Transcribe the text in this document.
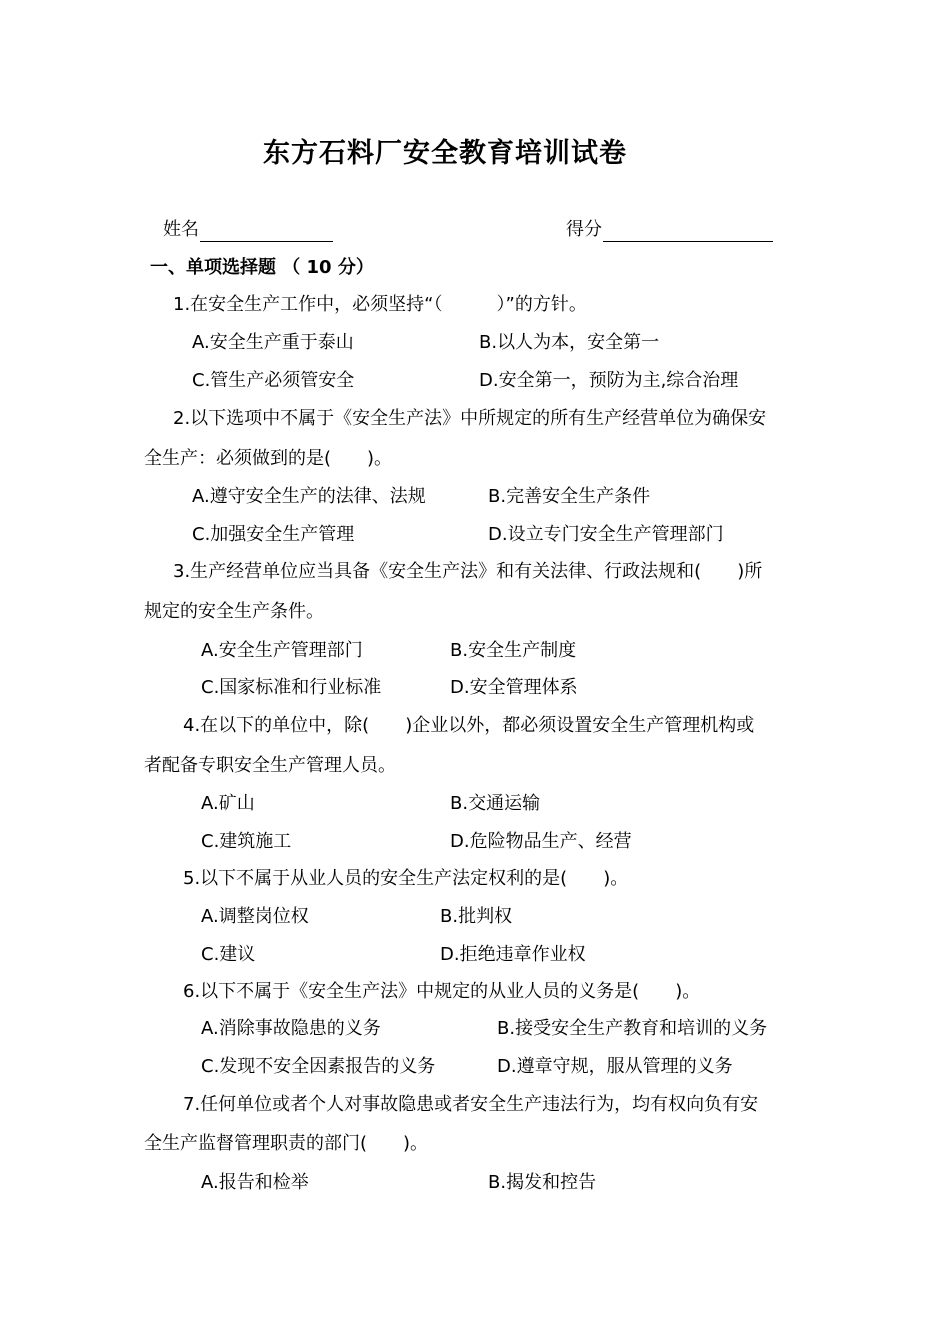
东方石料厂安全教育培训试卷
姓名	得分
一、单项选择题 （ 10 分）
1.在安全生产工作中，必须坚持“（　　　）”的方针。
A.安全生产重于泰山	B.以人为本，安全第一
C.管生产必须管安全	D.安全第一，预防为主,综合治理
2.以下选项中不属于《安全生产法》中所规定的所有生产经营单位为确保安
全生产：必须做到的是(　　)。
A.遵守安全生产的法律、法规	B.完善安全生产条件
C.加强安全生产管理	D.设立专门安全生产管理部门
3.生产经营单位应当具备《安全生产法》和有关法律、行政法规和(　　)所
规定的安全生产条件。
A.安全生产管理部门	B.安全生产制度
C.国家标准和行业标准	D.安全管理体系
4.在以下的单位中，除(　　)企业以外，都必须设置安全生产管理机构或
者配备专职安全生产管理人员。
A.矿山	B.交通运输
C.建筑施工	D.危险物品生产、经营
5.以下不属于从业人员的安全生产法定权利的是(　　)。
A.调整岗位权	B.批判权
C.建议	D.拒绝违章作业权
6.以下不属于《安全生产法》中规定的从业人员的义务是(　　)。
A.消除事故隐患的义务	B.接受安全生产教育和培训的义务
C.发现不安全因素报告的义务	D.遵章守规，服从管理的义务
7.任何单位或者个人对事故隐患或者安全生产违法行为，均有权向负有安
全生产监督管理职责的部门(　　)。
A.报告和检举	B.揭发和控告
